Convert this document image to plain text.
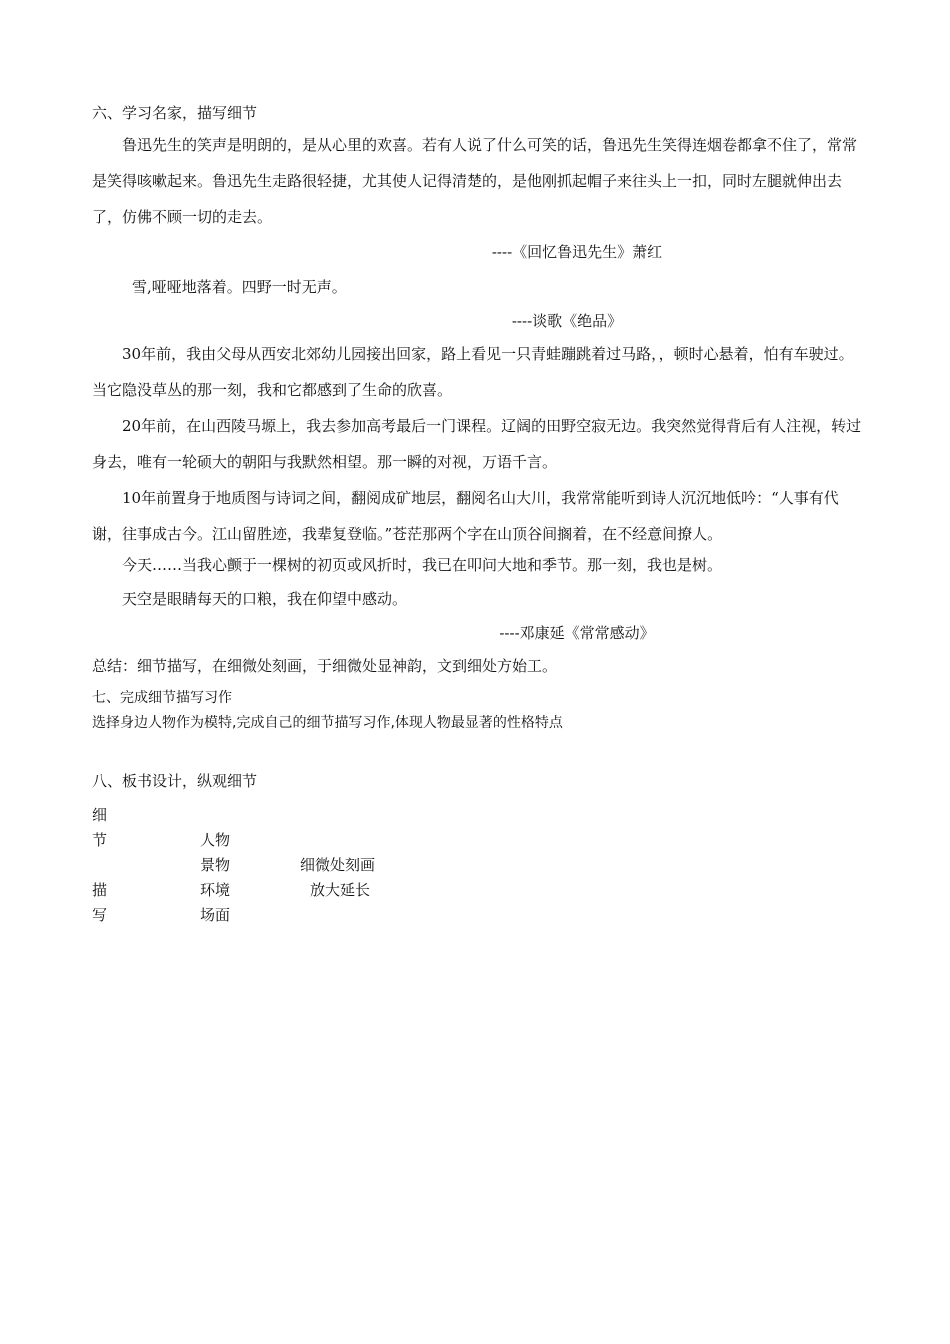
六、学习名家，描写细节
鲁迅先生的笑声是明朗的，是从心里的欢喜。若有人说了什么可笑的话，鲁迅先生笑得连烟卷都拿不住了，常常是笑得咳嗽起来。鲁迅先生走路很轻捷，尤其使人记得清楚的，是他刚抓起帽子来往头上一扣，同时左腿就伸出去了，仿佛不顾一切的走去。
----《回忆鲁迅先生》萧红
雪,哑哑地落着。四野一时无声。
----谈歌《绝品》
30年前，我由父母从西安北郊幼儿园接出回家，路上看见一只青蛙蹦跳着过马路，，顿时心悬着，怕有车驶过。当它隐没草丛的那一刻，我和它都感到了生命的欣喜。
20年前，在山西陵马塬上，我去参加高考最后一门课程。辽阔的田野空寂无边。我突然觉得背后有人注视，转过身去，唯有一轮硕大的朝阳与我默然相望。那一瞬的对视，万语千言。
10年前置身于地质图与诗词之间，翻阅成矿地层，翻阅名山大川，我常常能听到诗人沉沉地低吟：“人事有代谢，往事成古今。江山留胜迹，我辈复登临。”苍茫那两个字在山顶谷间搁着，在不经意间撩人。
今天……当我心颤于一棵树的初页或风折时，我已在叩问大地和季节。那一刻，我也是树。
天空是眼睛每天的口粮，我在仰望中感动。
----邓康延《常常感动》
总结：细节描写，在细微处刻画，于细微处显神韵，文到细处方始工。
七、完成细节描写习作
选择身边人物作为模特,完成自己的细节描写习作,体现人物最显著的性格特点
八、板书设计，纵观细节
细
节
描
写
人物
景物
环境
场面
细微处刻画
放大延长
